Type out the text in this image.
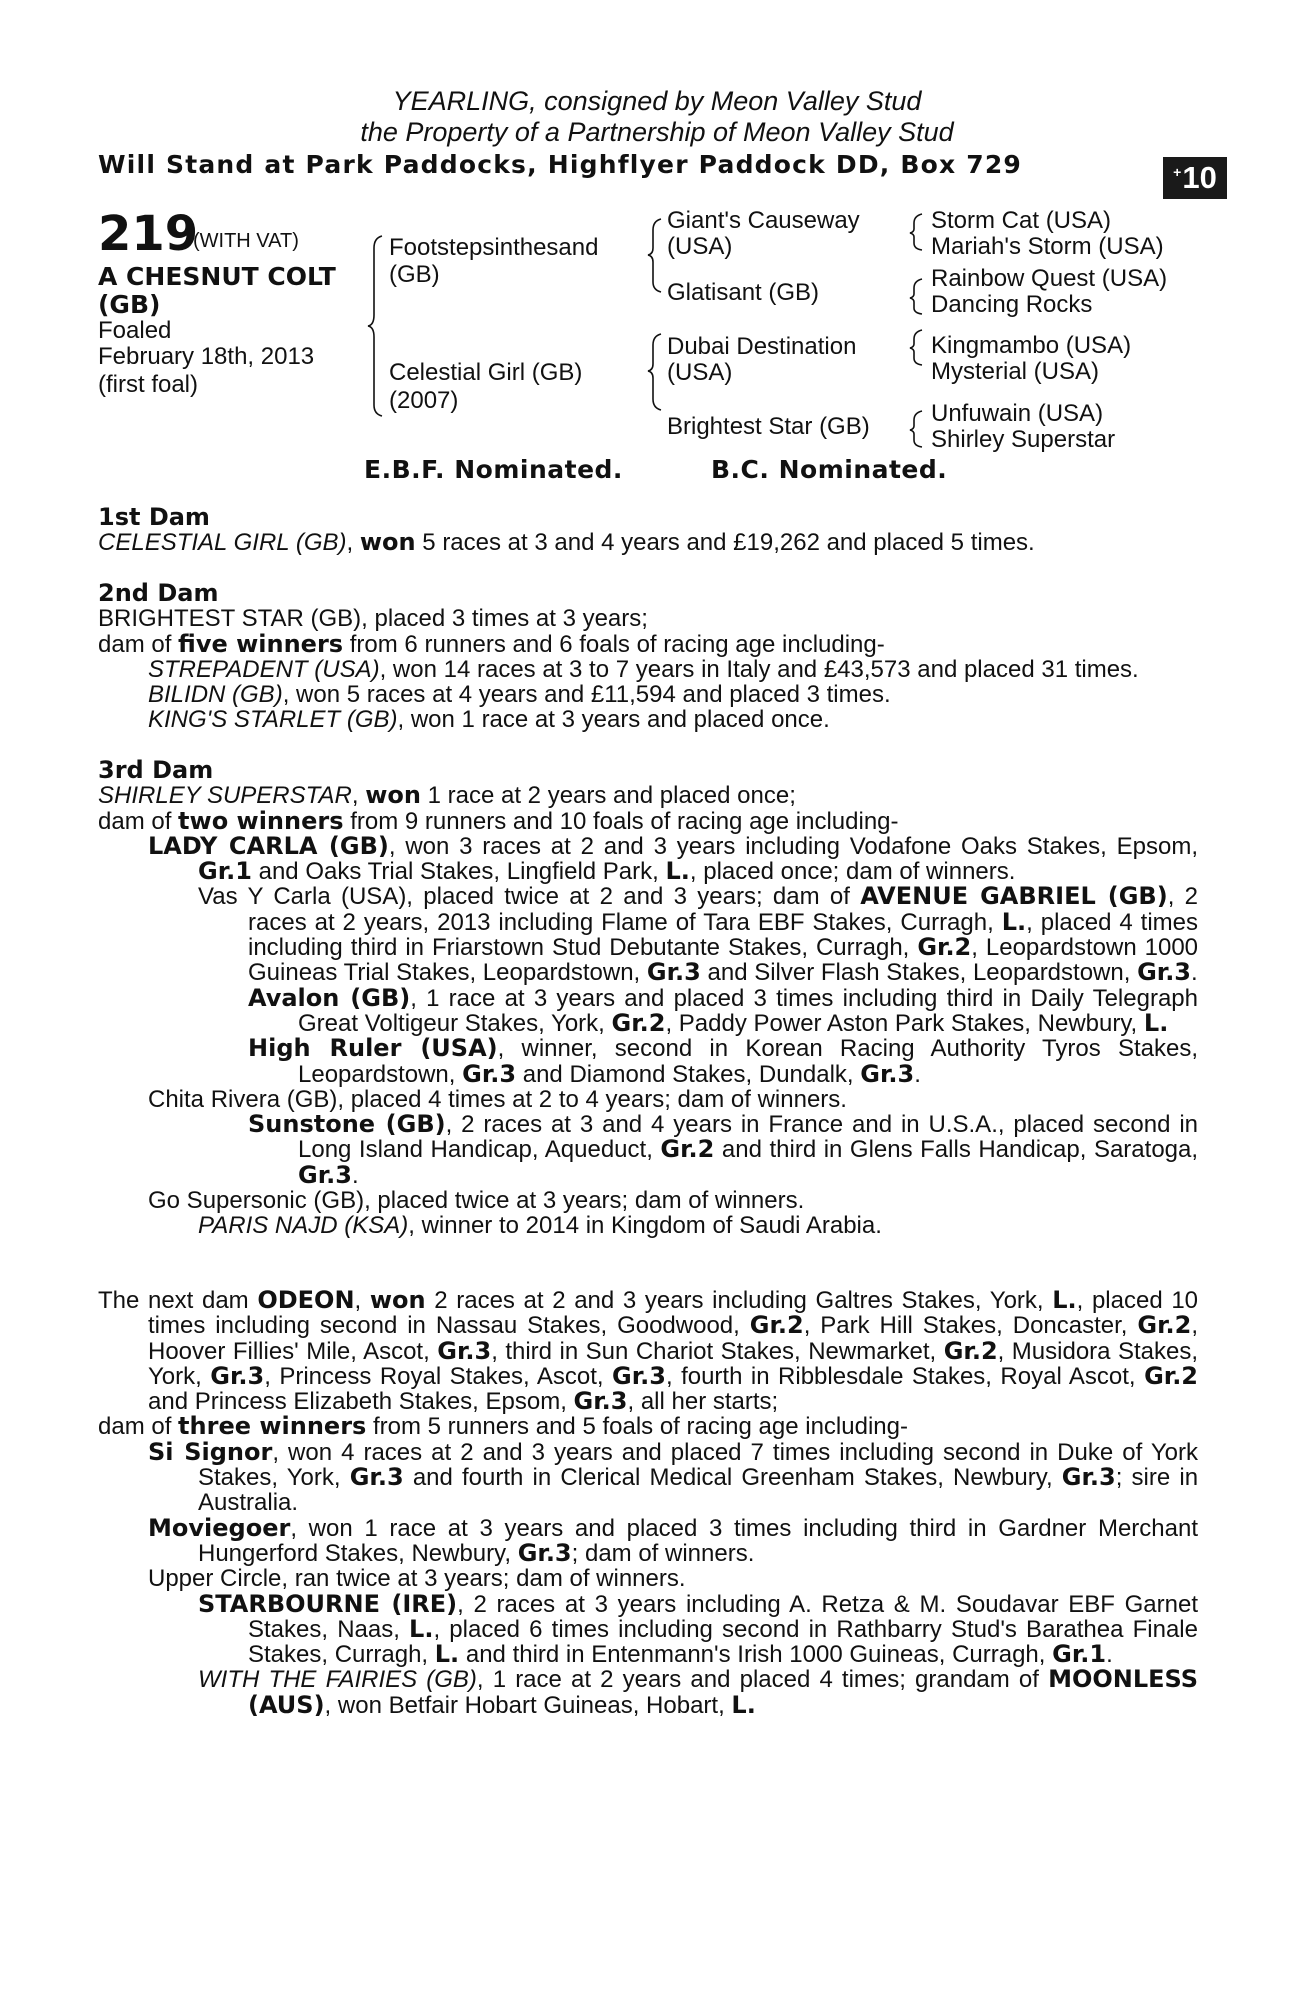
YEARLING, consigned by Meon Valley Stud
the Property of a Partnership of Meon Valley Stud
Will Stand at Park Paddocks, Highflyer Paddock DD, Box 729	+ 10
219
(WITH VAT)
A CHESNUT COLT
(GB)
Foaled
February 18th, 2013
(first foal)
Footstepsinthesand
(GB)
Celestial Girl (GB)
(2007)
Giant's Causeway
(USA)
Glatisant (GB)
Dubai Destination
(USA)
Brightest Star (GB)
Storm Cat (USA)
Mariah's Storm (USA)
Rainbow Quest (USA)
Dancing Rocks
Kingmambo (USA)
Mysterial (USA)
Unfuwain (USA)
Shirley Superstar
E.B.F. Nominated.	B.C. Nominated.
1st Dam
CELESTIAL GIRL (GB), won 5 races at 3 and 4 years and £19,262 and placed 5 times.
2nd Dam
BRIGHTEST STAR (GB), placed 3 times at 3 years;
dam of five winners from 6 runners and 6 foals of racing age including-
STREPADENT (USA), won 14 races at 3 to 7 years in Italy and £43,573 and placed 31 times.
BILIDN (GB), won 5 races at 4 years and £11,594 and placed 3 times.
KING'S STARLET (GB), won 1 race at 3 years and placed once.
3rd Dam
SHIRLEY SUPERSTAR, won 1 race at 2 years and placed once;
dam of two winners from 9 runners and 10 foals of racing age including-
LADY CARLA (GB), won 3 races at 2 and 3 years including Vodafone Oaks Stakes, Epsom, Gr.1 and Oaks Trial Stakes, Lingfield Park, L., placed once; dam of winners.
Vas Y Carla (USA), placed twice at 2 and 3 years; dam of AVENUE GABRIEL (GB), 2 races at 2 years, 2013 including Flame of Tara EBF Stakes, Curragh, L., placed 4 times including third in Friarstown Stud Debutante Stakes, Curragh, Gr.2, Leopardstown 1000 Guineas Trial Stakes, Leopardstown, Gr.3 and Silver Flash Stakes, Leopardstown, Gr.3.
Avalon (GB), 1 race at 3 years and placed 3 times including third in Daily Telegraph Great Voltigeur Stakes, York, Gr.2, Paddy Power Aston Park Stakes, Newbury, L.
High Ruler (USA), winner, second in Korean Racing Authority Tyros Stakes, Leopardstown, Gr.3 and Diamond Stakes, Dundalk, Gr.3.
Chita Rivera (GB), placed 4 times at 2 to 4 years; dam of winners.
Sunstone (GB), 2 races at 3 and 4 years in France and in U.S.A., placed second in Long Island Handicap, Aqueduct, Gr.2 and third in Glens Falls Handicap, Saratoga, Gr.3.
Go Supersonic (GB), placed twice at 3 years; dam of winners.
PARIS NAJD (KSA), winner to 2014 in Kingdom of Saudi Arabia.
The next dam ODEON, won 2 races at 2 and 3 years including Galtres Stakes, York, L., placed 10 times including second in Nassau Stakes, Goodwood, Gr.2, Park Hill Stakes, Doncaster, Gr.2, Hoover Fillies' Mile, Ascot, Gr.3, third in Sun Chariot Stakes, Newmarket, Gr.2, Musidora Stakes, York, Gr.3, Princess Royal Stakes, Ascot, Gr.3, fourth in Ribblesdale Stakes, Royal Ascot, Gr.2 and Princess Elizabeth Stakes, Epsom, Gr.3, all her starts;
dam of three winners from 5 runners and 5 foals of racing age including-
Si Signor, won 4 races at 2 and 3 years and placed 7 times including second in Duke of York Stakes, York, Gr.3 and fourth in Clerical Medical Greenham Stakes, Newbury, Gr.3; sire in Australia.
Moviegoer, won 1 race at 3 years and placed 3 times including third in Gardner Merchant Hungerford Stakes, Newbury, Gr.3; dam of winners.
Upper Circle, ran twice at 3 years; dam of winners.
STARBOURNE (IRE), 2 races at 3 years including A. Retza & M. Soudavar EBF Garnet Stakes, Naas, L., placed 6 times including second in Rathbarry Stud's Barathea Finale Stakes, Curragh, L. and third in Entenmann's Irish 1000 Guineas, Curragh, Gr.1.
WITH THE FAIRIES (GB), 1 race at 2 years and placed 4 times; grandam of MOONLESS (AUS), won Betfair Hobart Guineas, Hobart, L.
